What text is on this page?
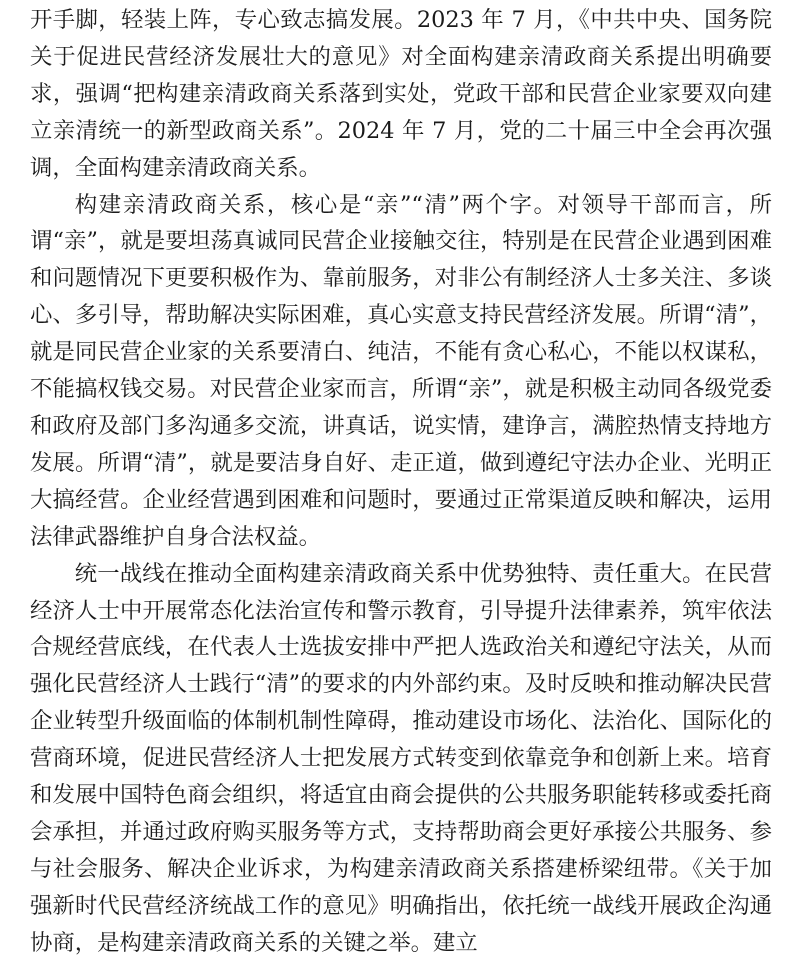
开手脚，轻装上阵，专心致志搞发展。2023 年 7 月，《中共中央、国务院关于促进民营经济发展壮大的意见》对全面构建亲清政商关系提出明确要求，强调“把构建亲清政商关系落到实处，党政干部和民营企业家要双向建立亲清统一的新型政商关系”。2024 年 7 月，党的二十届三中全会再次强调，全面构建亲清政商关系。

构建亲清政商关系，核心是“亲”“清”两个字。对领导干部而言，所谓“亲”，就是要坦荡真诚同民营企业接触交往，特别是在民营企业遇到困难和问题情况下更要积极作为、靠前服务，对非公有制经济人士多关注、多谈心、多引导，帮助解决实际困难，真心实意支持民营经济发展。所谓“清”，就是同民营企业家的关系要清白、纯洁，不能有贪心私心，不能以权谋私，不能搞权钱交易。对民营企业家而言，所谓“亲”，就是积极主动同各级党委和政府及部门多沟通多交流，讲真话，说实情，建诤言，满腔热情支持地方发展。所谓“清”，就是要洁身自好、走正道，做到遵纪守法办企业、光明正大搞经营。企业经营遇到困难和问题时，要通过正常渠道反映和解决，运用法律武器维护自身合法权益。

统一战线在推动全面构建亲清政商关系中优势独特、责任重大。在民营经济人士中开展常态化法治宣传和警示教育，引导提升法律素养，筑牢依法合规经营底线，在代表人士选拔安排中严把人选政治关和遵纪守法关，从而强化民营经济人士践行“清”的要求的内外部约束。及时反映和推动解决民营企业转型升级面临的体制机制性障碍，推动建设市场化、法治化、国际化的营商环境，促进民营经济人士把发展方式转变到依靠竞争和创新上来。培育和发展中国特色商会组织，将适宜由商会提供的公共服务职能转移或委托商会承担，并通过政府购买服务等方式，支持帮助商会更好承接公共服务、参与社会服务、解决企业诉求，为构建亲清政商关系搭建桥梁纽带。《关于加强新时代民营经济统战工作的意见》明确指出，依托统一战线开展政企沟通协商，是构建亲清政商关系的关键之举。建立
